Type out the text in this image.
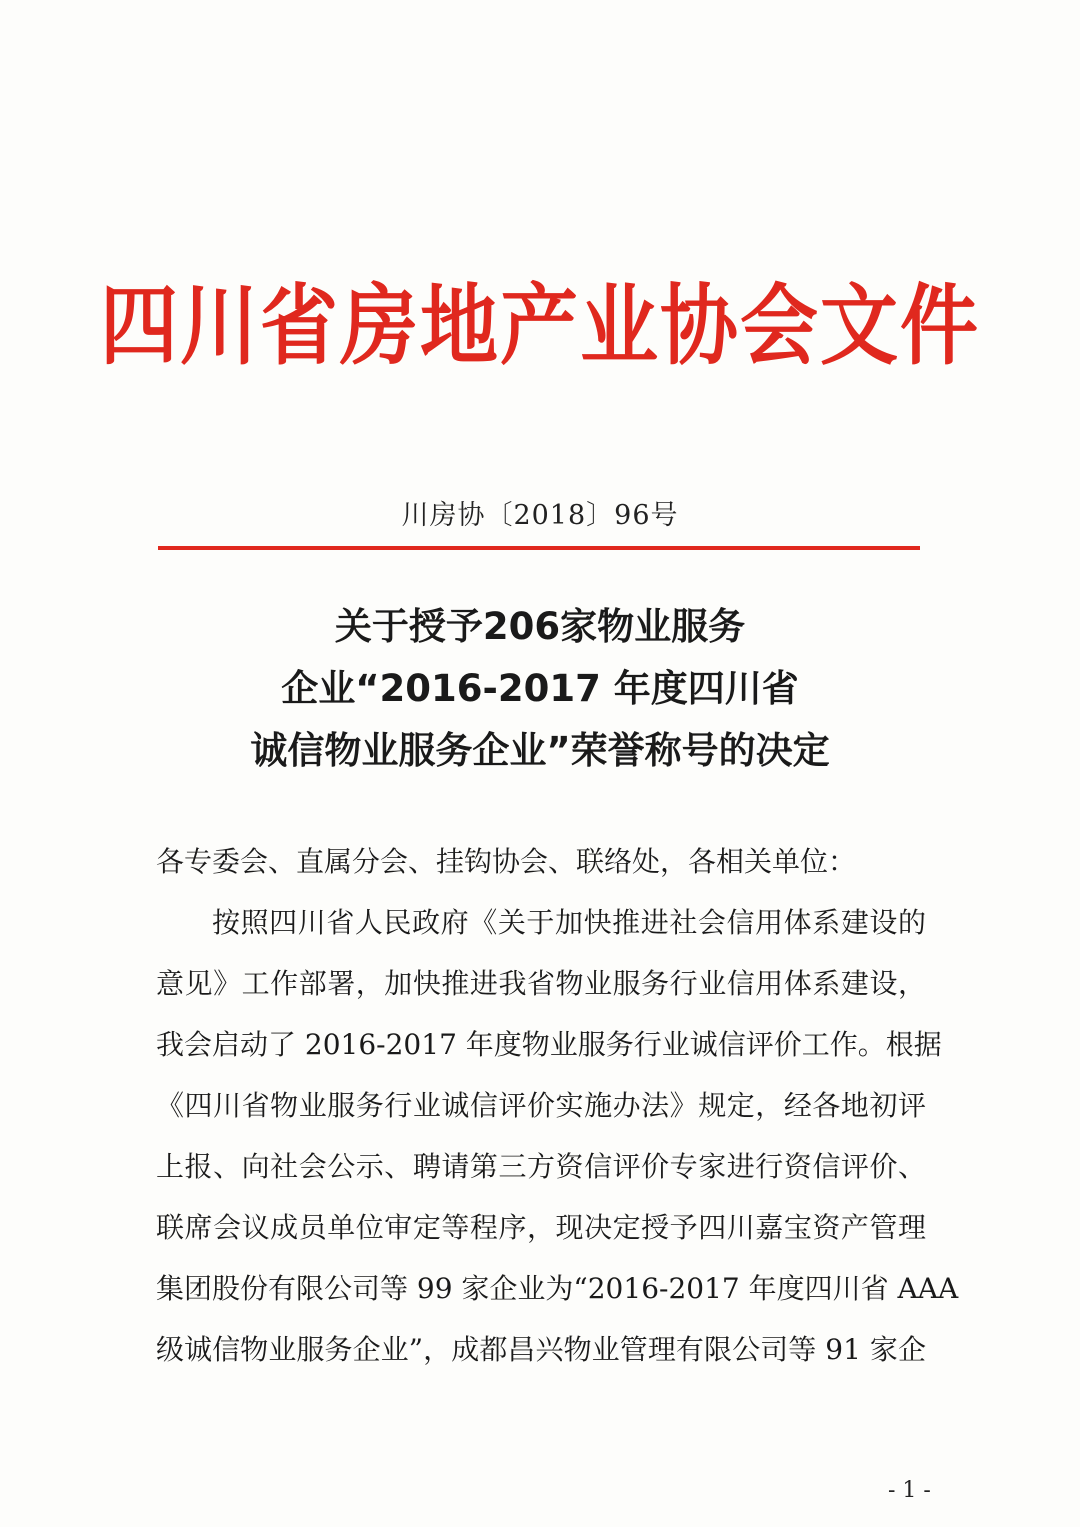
四川省房地产业协会文件
川房协〔2018〕96号
关于授予206家物业服务
企业“2016-2017 年度四川省
诚信物业服务企业”荣誉称号的决定
各专委会、直属分会、挂钩协会、联络处，各相关单位：
按照四川省人民政府《关于加快推进社会信用体系建设的
意见》工作部署，加快推进我省物业服务行业信用体系建设，
我会启动了 2016-2017 年度物业服务行业诚信评价工作。根据
《四川省物业服务行业诚信评价实施办法》规定，经各地初评
上报、向社会公示、聘请第三方资信评价专家进行资信评价、
联席会议成员单位审定等程序，现决定授予四川嘉宝资产管理
集团股份有限公司等 99 家企业为“2016-2017 年度四川省 AAA
级诚信物业服务企业”，成都昌兴物业管理有限公司等 91 家企
- 1 -
